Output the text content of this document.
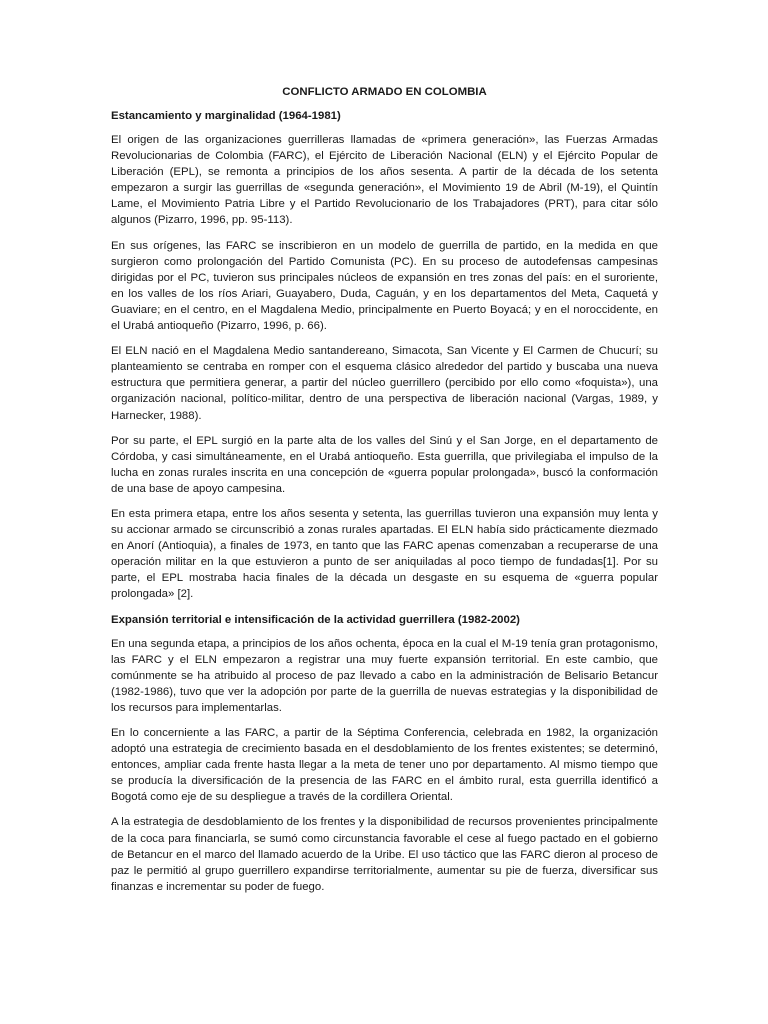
CONFLICTO ARMADO EN COLOMBIA
Estancamiento y marginalidad (1964-1981)

El origen de las organizaciones guerrilleras llamadas de «primera generación», las Fuerzas Armadas Revolucionarias de Colombia (FARC), el Ejército de Liberación Nacional (ELN) y el Ejército Popular de Liberación (EPL), se remonta a principios de los años sesenta. A partir de la década de los setenta empezaron a surgir las guerrillas de «segunda generación», el Movimiento 19 de Abril (M-19), el Quintín Lame, el Movimiento Patria Libre y el Partido Revolucionario de los Trabajadores (PRT), para citar sólo algunos (Pizarro, 1996, pp. 95-113).

En sus orígenes, las FARC se inscribieron en un modelo de guerrilla de partido, en la medida en que surgieron como prolongación del Partido Comunista (PC). En su proceso de autodefensas campesinas dirigidas por el PC, tuvieron sus principales núcleos de expansión en tres zonas del país: en el suroriente, en los valles de los ríos Ariari, Guayabero, Duda, Caguán, y en los departamentos del Meta, Caquetá y Guaviare; en el centro, en el Magdalena Medio, principalmente en Puerto Boyacá; y en el noroccidente, en el Urabá antioqueño (Pizarro, 1996, p. 66).

El ELN nació en el Magdalena Medio santandereano, Simacota, San Vicente y El Carmen de Chucurí; su planteamiento se centraba en romper con el esquema clásico alrededor del partido y buscaba una nueva estructura que permitiera generar, a partir del núcleo guerrillero (percibido por ello como «foquista»), una organización nacional, político-militar, dentro de una perspectiva de liberación nacional (Vargas, 1989, y Harnecker, 1988).

Por su parte, el EPL surgió en la parte alta de los valles del Sinú y el San Jorge, en el departamento de Córdoba, y casi simultáneamente, en el Urabá antioqueño. Esta guerrilla, que privilegiaba el impulso de la lucha en zonas rurales inscrita en una concepción de «guerra popular prolongada», buscó la conformación de una base de apoyo campesina.

En esta primera etapa, entre los años sesenta y setenta, las guerrillas tuvieron una expansión muy lenta y su accionar armado se circunscribió a zonas rurales apartadas. El ELN había sido prácticamente diezmado en Anorí (Antioquia), a finales de 1973, en tanto que las FARC apenas comenzaban a recuperarse de una operación militar en la que estuvieron a punto de ser aniquiladas al poco tiempo de fundadas[1]. Por su parte, el EPL mostraba hacia finales de la década un desgaste en su esquema de «guerra popular prolongada» [2].

Expansión territorial e intensificación de la actividad guerrillera (1982-2002)

En una segunda etapa, a principios de los años ochenta, época en la cual el M-19 tenía gran protagonismo, las FARC y el ELN empezaron a registrar una muy fuerte expansión territorial. En este cambio, que comúnmente se ha atribuido al proceso de paz llevado a cabo en la administración de Belisario Betancur (1982-1986), tuvo que ver la adopción por parte de la guerrilla de nuevas estrategias y la disponibilidad de los recursos para implementarlas.

En lo concerniente a las FARC, a partir de la Séptima Conferencia, celebrada en 1982, la organización adoptó una estrategia de crecimiento basada en el desdoblamiento de los frentes existentes; se determinó, entonces, ampliar cada frente hasta llegar a la meta de tener uno por departamento. Al mismo tiempo que se producía la diversificación de la presencia de las FARC en el ámbito rural, esta guerrilla identificó a Bogotá como eje de su despliegue a través de la cordillera Oriental.

A la estrategia de desdoblamiento de los frentes y la disponibilidad de recursos provenientes principalmente de la coca para financiarla, se sumó como circunstancia favorable el cese al fuego pactado en el gobierno de Betancur en el marco del llamado acuerdo de la Uribe. El uso táctico que las FARC dieron al proceso de paz le permitió al grupo guerrillero expandirse territorialmente, aumentar su pie de fuerza, diversificar sus finanzas e incrementar su poder de fuego.
